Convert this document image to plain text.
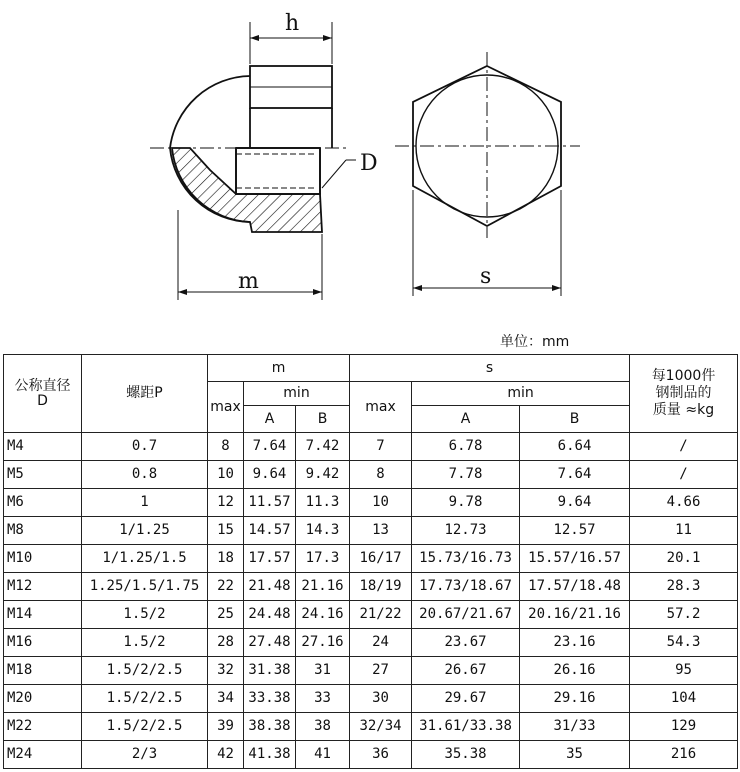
h
D
m	s
单位：mm
公称直径
D	螺距P	m			s			每1000件
钢制品的
质量 ≈kg
		max	min		max	min		
			A	B		A	B	
M4	0.7	8	7.64	7.42	7	6.78	6.64	/
M5	0.8	10	9.64	9.42	8	7.78	7.64	/
M6	1	12	11.57	11.3	10	9.78	9.64	4.66
M8	1/1.25	15	14.57	14.3	13	12.73	12.57	11
M10	1/1.25/1.5	18	17.57	17.3	16/17	15.73/16.73	15.57/16.57	20.1
M12	1.25/1.5/1.75	22	21.48	21.16	18/19	17.73/18.67	17.57/18.48	28.3
M14	1.5/2	25	24.48	24.16	21/22	20.67/21.67	20.16/21.16	57.2
M16	1.5/2	28	27.48	27.16	24	23.67	23.16	54.3
M18	1.5/2/2.5	32	31.38	31	27	26.67	26.16	95
M20	1.5/2/2.5	34	33.38	33	30	29.67	29.16	104
M22	1.5/2/2.5	39	38.38	38	32/34	31.61/33.38	31/33	129
M24	2/3	42	41.38	41	36	35.38	35	216
